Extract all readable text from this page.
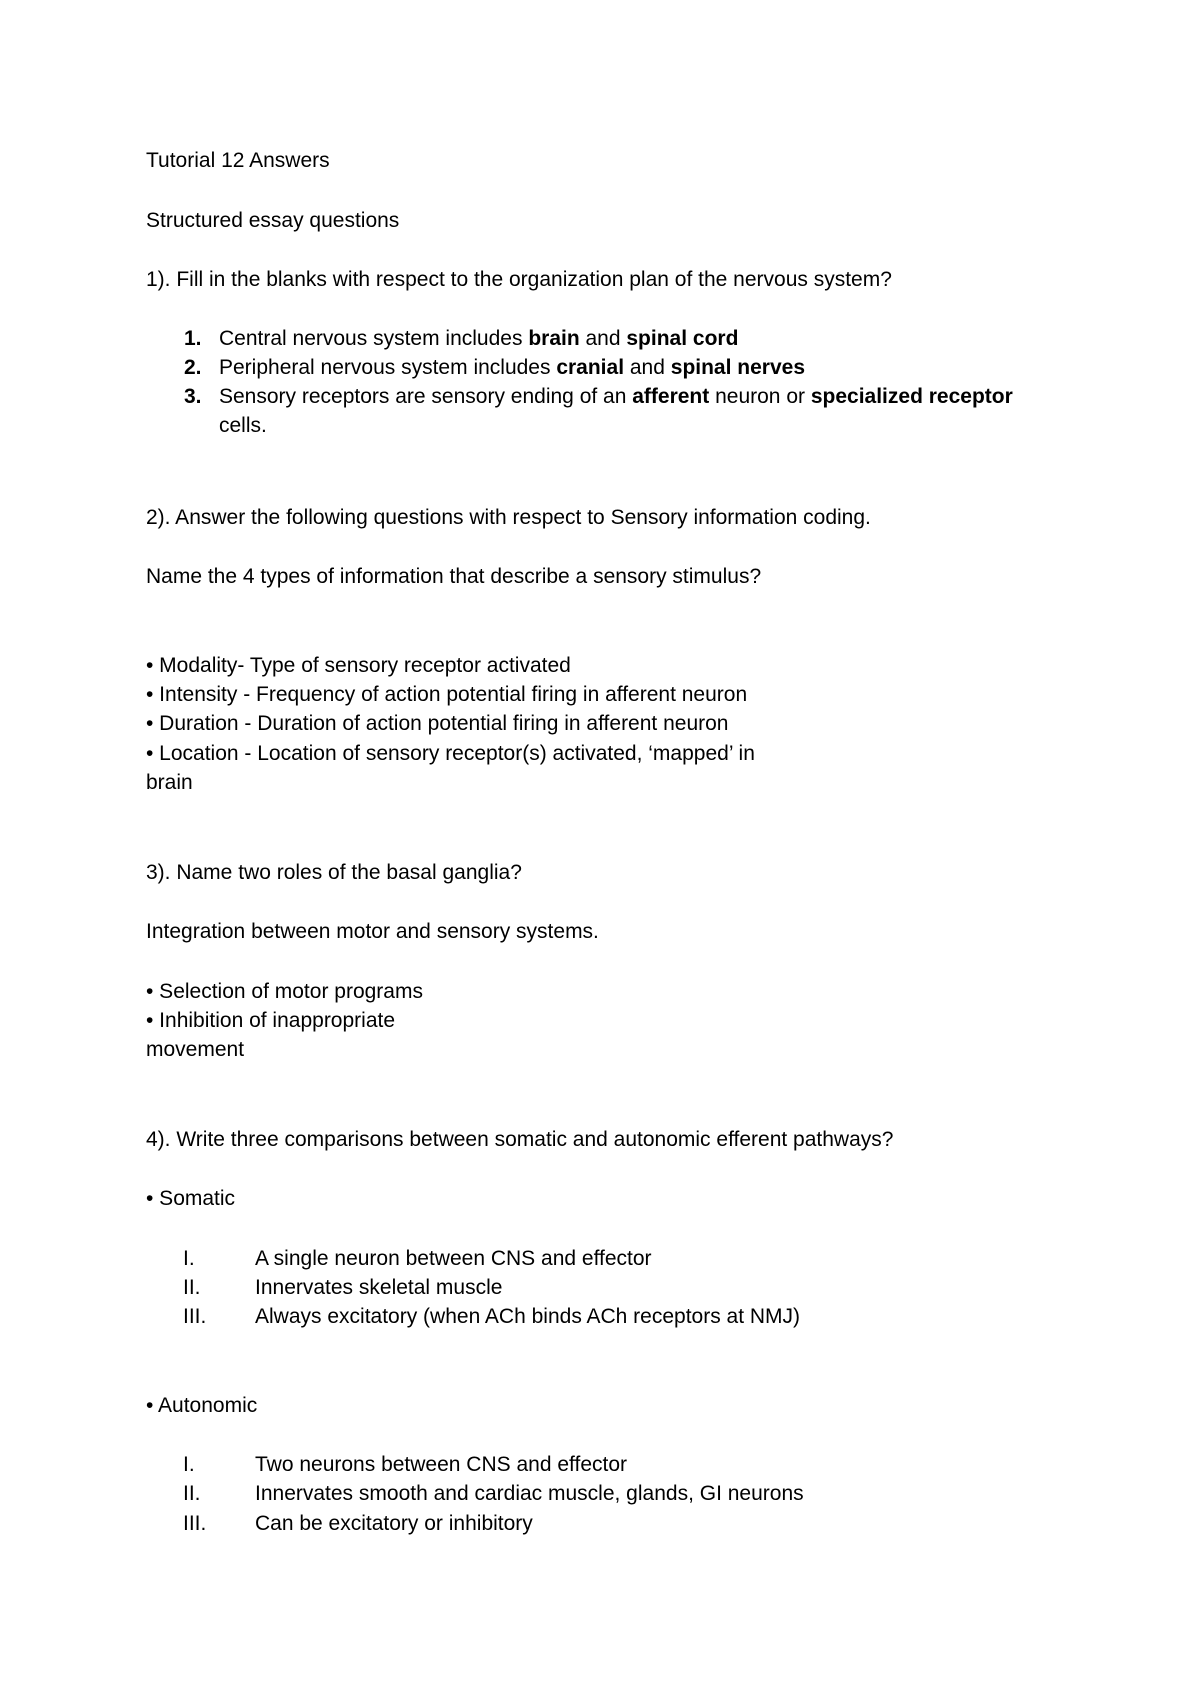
Tutorial 12 Answers
Structured essay questions
1). Fill in the blanks with respect to the organization plan of the nervous system?
1. Central nervous system includes brain and spinal cord
2. Peripheral nervous system includes cranial and spinal nerves
3. Sensory receptors are sensory ending of an afferent neuron or specialized receptor
cells.
2). Answer the following questions with respect to Sensory information coding.
Name the 4 types of information that describe a sensory stimulus?
• Modality- Type of sensory receptor activated
• Intensity - Frequency of action potential firing in afferent neuron
• Duration - Duration of action potential firing in afferent neuron
• Location - Location of sensory receptor(s) activated, ‘mapped’ in
brain
3). Name two roles of the basal ganglia?
Integration between motor and sensory systems.
• Selection of motor programs
• Inhibition of inappropriate
movement
4). Write three comparisons between somatic and autonomic efferent pathways?
• Somatic
I.	A single neuron between CNS and effector
II.	Innervates skeletal muscle
III. Always excitatory (when ACh binds ACh receptors at NMJ)
• Autonomic
I.	Two neurons between CNS and effector
II.	Innervates smooth and cardiac muscle, glands, GI neurons
III. Can be excitatory or inhibitory
